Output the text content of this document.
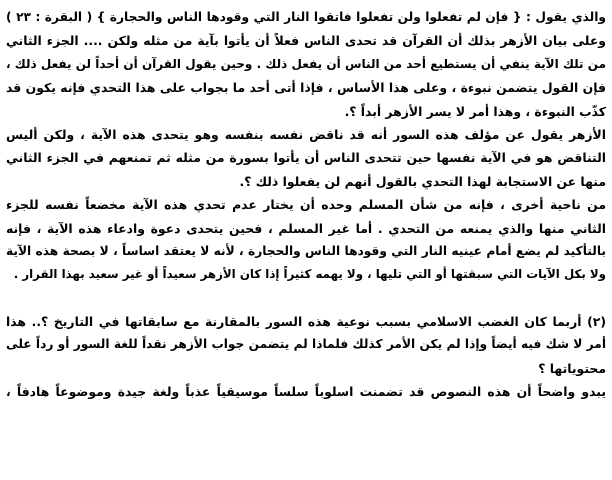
والذي يقول : { فإن لم تفعلوا ولن تفعلوا فاتقوا النار التي وقودها الناس والحجارة } ( البقرة : ٢٣ )
وعلى بيان الأزهر بذلك أن القرآن قد تحدى الناس فعلاً أن يأتوا بآية من مثله ولكن .... الجزء الثاني
من تلك الآية ينفي أن يستطيع أحد من الناس أن يفعل ذلك . وحين يقول القرآن أن أحداً لن يفعل ذلك ،
فإن القول يتضمن نبوءة ، وعلى هذا الأساس ، فإذا أتى أحد ما بجواب على هذا التحدي فإنه يكون قد
كذّب النبوءة ، وهذا أمر لا يسر الأزهر أبداً ؟.
الأزهر يقول عن مؤلف هذه السور أنه قد ناقض نفسه بنفسه وهو يتحدى هذه الآية ، ولكن أليس
التناقض هو في الآية نفسها حين تتحدى الناس أن يأتوا بسورة من مثله ثم تمنعهم في الجزء الثاني
منها عن الاستجابة لهذا التحدي بالقول أنهم لن يفعلوا ذلك ؟.
من ناحية أخرى ، فإنه من شأن المسلم وحده أن يختار عدم تحدي هذه الآية مخضعاً نفسه للجزء
الثاني منها والذي يمنعه من التحدي . أما غير المسلم ، فحين يتحدى دعوة وادعاء هذه الآية ، فإنه
بالتأكيد لم يضع أمام عينيه النار التي وقودها الناس والحجارة ، لأنه لا يعتقد اساساً ، لا بصحة هذه الآية
ولا بكل الآيات التي سبقتها أو التي تليها ، ولا يهمه كثيراً إذا كان الأزهر سعيداً أو غير سعيد بهذا القرار .
(٢) أربما كان الغضب الاسلامي بسبب نوعية هذه السور بالمقارنة مع سابقاتها في التاريخ ؟.. هذا
أمر لا شك فيه أيضاً وإذا لم يكن الأمر كذلك فلماذا لم يتضمن جواب الأزهر نقداً للغة السور أو رداً على
محتوياتها ؟
يبدو واضحاً أن هذه النصوص قد تضمنت اسلوباً سلساً موسيقياً عذباً ولغة جيدة وموضوعاً هادفاً ،
